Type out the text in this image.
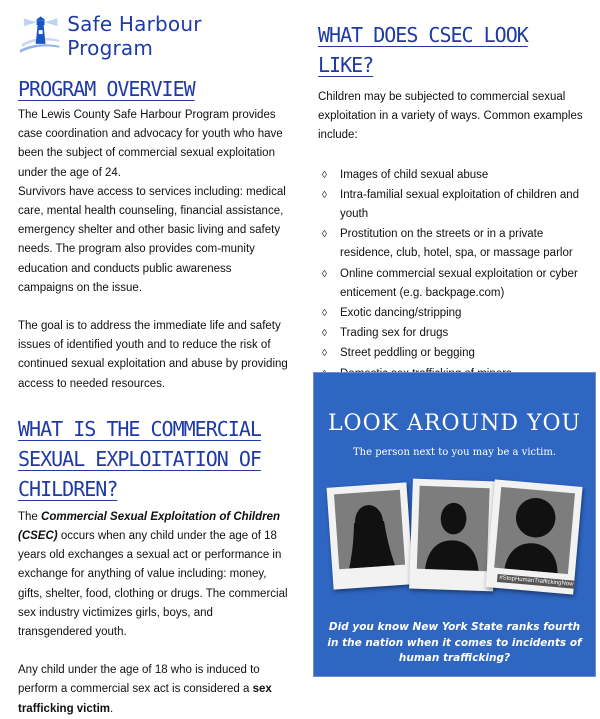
Safe Harbour Program
PROGRAM OVERVIEW

The Lewis County Safe Harbour Program provides case coordination and advocacy for youth who have been the subject of commercial sexual exploitation under the age of 24.

Survivors have access to services including: medical care, mental health counseling, financial assistance, emergency shelter and other basic living and safety needs. The program also provides com-munity education and conducts public awareness campaigns on the issue.

The goal is to address the immediate life and safety issues of identified youth and to reduce the risk of continued sexual exploitation and abuse by providing access to needed resources.

WHAT IS THE COMMERCIAL SEXUAL EXPLOITATION OF CHILDREN?

The Commercial Sexual Exploitation of Children (CSEC) occurs when any child under the age of 18 years old exchanges a sexual act or performance in exchange for anything of value including: money, gifts, shelter, food, clothing or drugs. The commercial sex industry victimizes girls, boys, and transgendered youth.

Any child under the age of 18 who is induced to perform a commercial sex act is considered a sex trafficking victim.

WHAT DOES CSEC LOOK LIKE?

Children may be subjected to commercial sexual exploitation in a variety of ways. Common examples include:

◊ Images of child sexual abuse
◊ Intra-familial sexual exploitation of children and youth
◊ Prostitution on the streets or in a private residence, club, hotel, spa, or massage parlor
◊ Online commercial sexual exploitation or cyber enticement (e.g. backpage.com)
◊ Exotic dancing/stripping
◊ Trading sex for drugs
◊ Street peddling or begging
LOOK AROUND YOU
The person next to you may be a victim.
#StopHumanTraffickingNow
Did you know New York State ranks fourth in the nation when it comes to incidents of human trafficking?
